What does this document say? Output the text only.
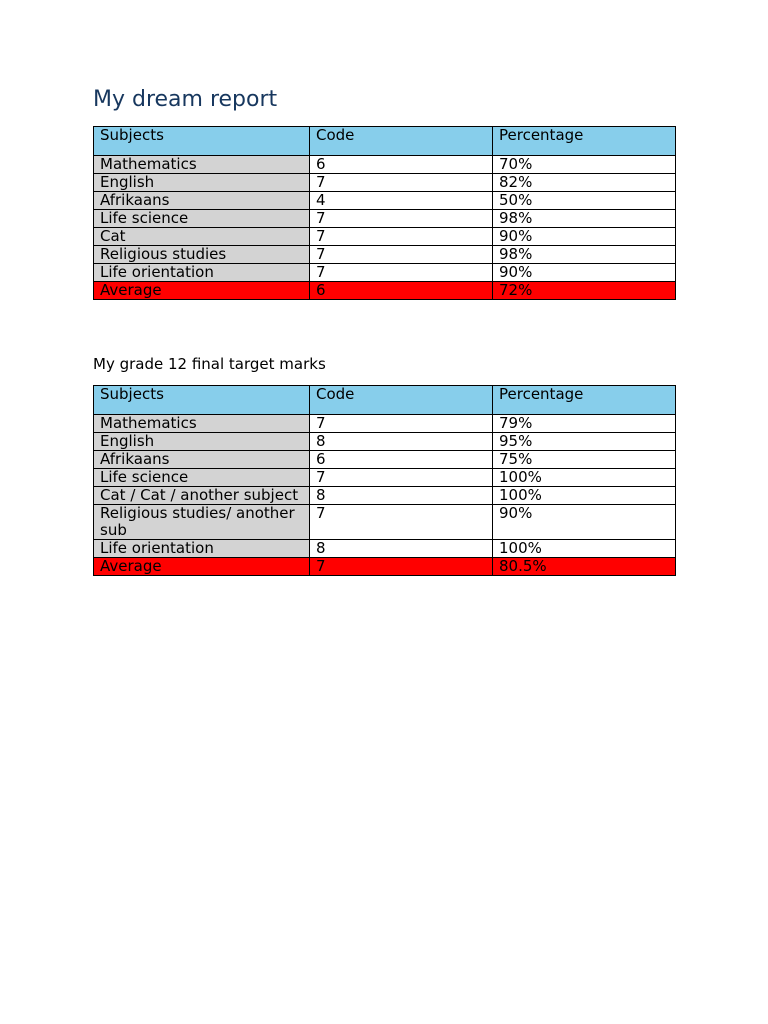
My dream report
Subjects	Code	Percentage
Mathematics	6	70%
English	7	82%
Afrikaans	4	50%
Life science	7	98%
Cat	7	90%
Religious studies	7	98%
Life orientation	7	90%
Average	6	72%

My grade 12 final target marks

Subjects	Code	Percentage
Mathematics	7	79%
English	8	95%
Afrikaans	6	75%
Life science	7	100%
Cat / Cat / another subject	8	100%
Religious studies/ another sub	7	90%
Life orientation	8	100%
Average	7	80.5%
